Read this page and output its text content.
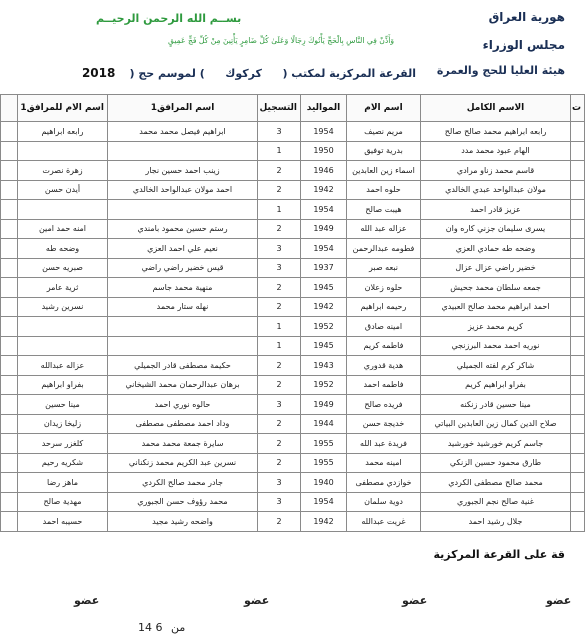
هورية العراق
مجلس الوزراء
هيئة العليا للحج والعمرة
بســم الله الرحمن الرحيــم
وَأَذِّنْ فِي النَّاسِ بِالْحَجِّ يَأْتُوكَ رِجَالًا وَعَلَىٰ كُلِّ ضَامِرٍ يَأْتِينَ مِنْ كُلِّ فَجٍّ عَمِيقٍ
القرعة المركزية لمكتب ( كركوك ) لموسم حج ( 2018
ت	الاسم الكامل	اسم الام	المواليد	التسجيل	اسم المرافق1	اسم الام للمرافق1	
	رابعه ابراهيم محمد صالح صالح	مريم نصيف	1954	3	ابراهيم فيصل محمد محمد	رابعه ابراهيم	
	الهام عبود محمد مدد	بدرية توفيق	1950	1			
	قاسم محمد زناو مرادي	اسماء زين العابدين	1946	2	زينب احمد حسين نجار	زهرة نصرت	
	مولان عبدالواحد عبدي الخالدي	حلوه احمد	1942	2	احمد مولان عبدالواحد الخالدي	أيدن حسن	
	عزيز قادر احمد	هيبت صالح	1954	1			
	يسرى سليمان جزني كاره وان	عزاله عبد الله	1949	2	رستم حسين محمود بامندي	امنه حمد امين	
	وضحه طه حمادي العزي	فطومه عبدالرحمن	1954	3	نعيم علي احمد العزي	وضحه طه	
	خضير راضي عزال عزال	نبعه صبر	1937	3	قيس خضير راضي راضي	صبريه حسن	
	جمعه سلطان محمد جحيش	حلوه زعلان	1945	2	منهية محمد جاسم	ثرية عامر	
	احمد ابراهيم محمد صالح العبيدي	رحيمه ابراهيم	1942	2	نهله ستار محمد	نسرين رشيد	
	كريم محمد عزيز	امينه صادق	1952	1			
	نوريه احمد محمد البرزنجي	فاطمه كريم	1945	1			
	شاكر كرم لفته الجميلي	هدية قدوري	1943	2	حكيمة مصطفى قادر الجميلي	عزاله عبدالله	
	بفراو ابراهيم كريم	فاطمه احمد	1952	2	برهان عبدالرحمان محمد الشيخاني	بفراو ابراهيم	
	مينا حسين قادر زنكنه	فريده صالح	1949	3	حالوه نوري احمد	مينا حسين	
	صلاح الدين كمال زين العابدين البياتي	خديجة حسن	1944	2	وداد احمد مصطفى مصطفى	زليخا زيدان	
	جاسم كريم خورشيد خورشيد	فريدة عبد الله	1955	2	سايرة جمعة محمد محمد	كلغزر سرحد	
	طارق محمود حسين الزنكي	امينه محمد	1955	2	نسرين عبد الكريم محمد زنكناني	شكريه رحيم	
	محمد صالح مصطفى الكردي	خوازدي مصطفى	1940	3	جادر محمد صالح الكردي	ماهز رضا	
	غنية صالح نجم الجبوري	دوية سلمان	1954	3	محمد رؤوف حسن الجبوري	مهدية صالح	
	جلال رشيد احمد	غريت عبدالله	1942	2	واضحه رشيد مجيد	حسيبه احمد	
قة على القرعة المركزية
عضو	عضو	عضو	عضو
14 من 6
